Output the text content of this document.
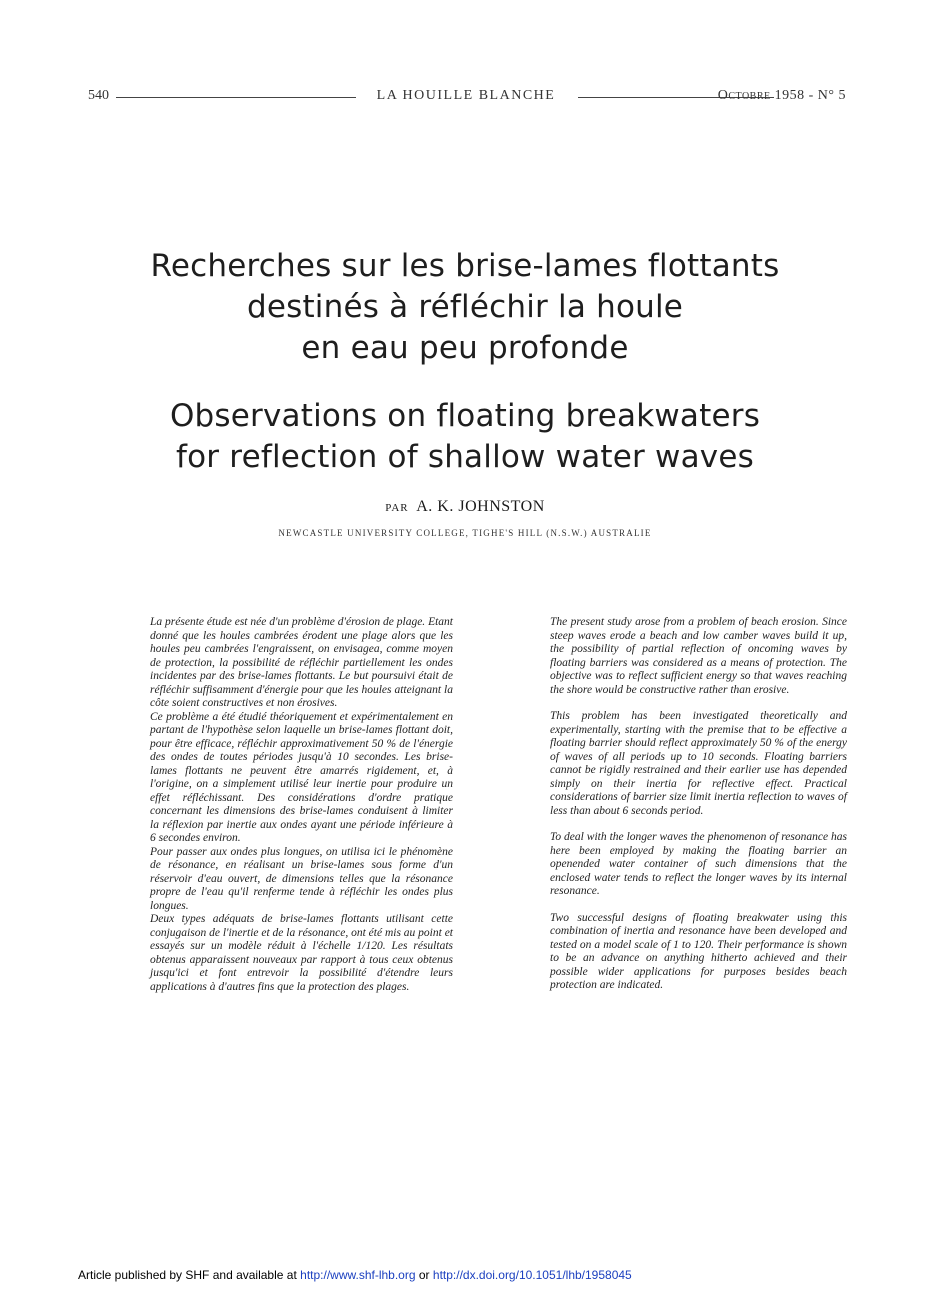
540	LA HOUILLE BLANCHE	Octobre 1958 - N° 5
Recherches sur les brise-lames flottants
destinés à réfléchir la houle
en eau peu profonde
Observations on floating breakwaters
for reflection of shallow water waves
PAR A. K. JOHNSTON
NEWCASTLE UNIVERSITY COLLEGE, TIGHE'S HILL (N.S.W.) AUSTRALIE

La présente étude est née d'un problème d'érosion de plage. Etant donné que les houles cambrées érodent une plage alors que les houles peu cambrées l'engraissent, on envisagea, comme moyen de protection, la possibilité de réfléchir partiellement les ondes incidentes par des brise-lames flottants. Le but poursuivi était de réfléchir suffisamment d'énergie pour que les houles atteignant la côte soient constructives et non érosives.

Ce problème a été étudié théoriquement et expérimentalement en partant de l'hypothèse selon laquelle un brise-lames flottant doit, pour être efficace, réfléchir approximativement 50 % de l'énergie des ondes de toutes périodes jusqu'à 10 secondes. Les brise-lames flottants ne peuvent être amarrés rigidement, et, à l'origine, on a simplement utilisé leur inertie pour produire un effet réfléchissant. Des considérations d'ordre pratique concernant les dimensions des brise-lames conduisent à limiter la réflexion par inertie aux ondes ayant une période inférieure à 6 secondes environ.

Pour passer aux ondes plus longues, on utilisa ici le phénomène de résonance, en réalisant un brise-lames sous forme d'un réservoir d'eau ouvert, de dimensions telles que la résonance propre de l'eau qu'il renferme tende à réfléchir les ondes plus longues.

Deux types adéquats de brise-lames flottants utilisant cette conjugaison de l'inertie et de la résonance, ont été mis au point et essayés sur un modèle réduit à l'échelle 1/120. Les résultats obtenus apparaissent nouveaux par rapport à tous ceux obtenus jusqu'ici et font entrevoir la possibilité d'étendre leurs applications à d'autres fins que la protection des plages.

The present study arose from a problem of beach erosion. Since steep waves erode a beach and low camber waves build it up, the possibility of partial reflection of oncoming waves by floating barriers was considered as a means of protection. The objective was to reflect sufficient energy so that waves reaching the shore would be constructive rather than erosive.

This problem has been investigated theoretically and experimentally, starting with the premise that to be effective a floating barrier should reflect approximately 50 % of the energy of waves of all periods up to 10 seconds. Floating barriers cannot be rigidly restrained and their earlier use has depended simply on their inertia for reflective effect. Practical considerations of barrier size limit inertia reflection to waves of less than about 6 seconds period.

To deal with the longer waves the phenomenon of resonance has here been employed by making the floating barrier an openended water container of such dimensions that the enclosed water tends to reflect the longer waves by its internal resonance.

Two successful designs of floating breakwater using this combination of inertia and resonance have been developed and tested on a model scale of 1 to 120. Their performance is shown to be an advance on anything hitherto achieved and their possible wider applications for purposes besides beach protection are indicated.

Article published by SHF and available at http://www.shf-lhb.org or http://dx.doi.org/10.1051/lhb/1958045
